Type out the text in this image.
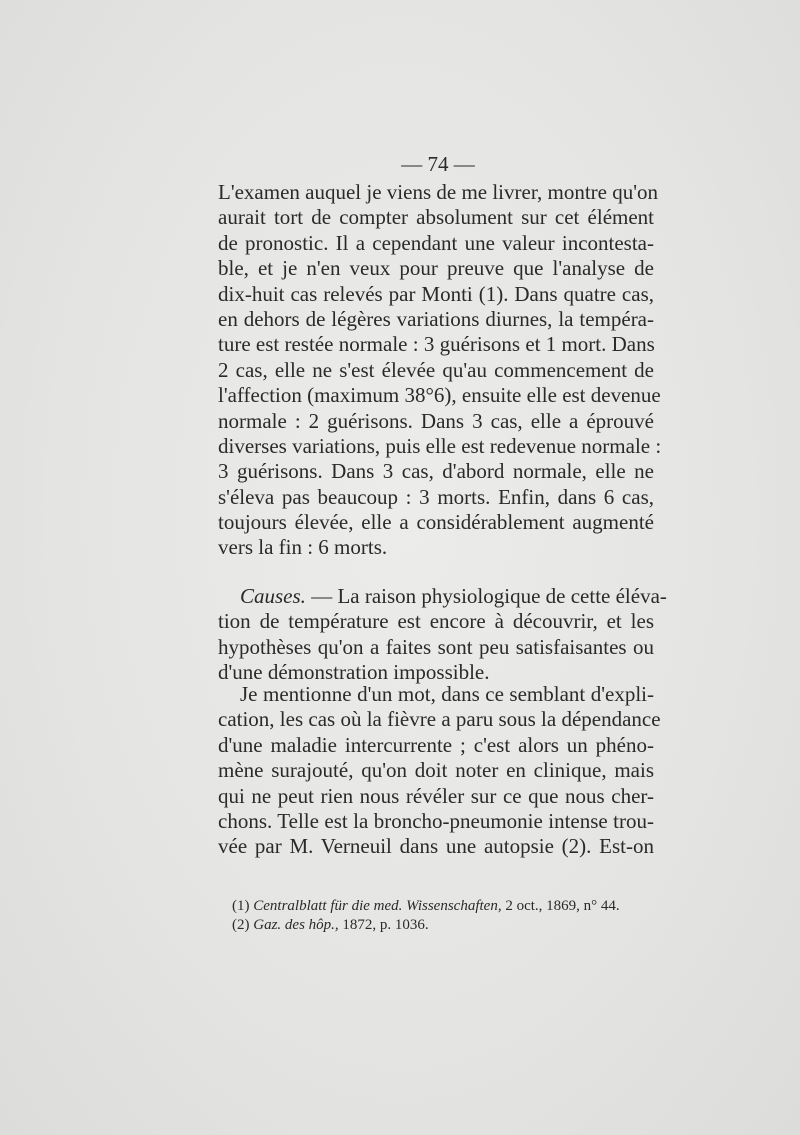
— 74 —
L'examen auquel je viens de me livrer, montre qu'on
aurait tort de compter absolument sur cet élément
de pronostic. Il a cependant une valeur incontesta-
ble, et je n'en veux pour preuve que l'analyse de
dix-huit cas relevés par Monti (1). Dans quatre cas,
en dehors de légères variations diurnes, la tempéra-
ture est restée normale : 3 guérisons et 1 mort. Dans
2 cas, elle ne s'est élevée qu'au commencement de
l'affection (maximum 38°6), ensuite elle est devenue
normale : 2 guérisons. Dans 3 cas, elle a éprouvé
diverses variations, puis elle est redevenue normale :
3 guérisons. Dans 3 cas, d'abord normale, elle ne
s'éleva pas beaucoup : 3 morts. Enfin, dans 6 cas,
toujours élevée, elle a considérablement augmenté
vers la fin : 6 morts.
Causes. — La raison physiologique de cette éléva-
tion de température est encore à découvrir, et les
hypothèses qu'on a faites sont peu satisfaisantes ou
d'une démonstration impossible.
Je mentionne d'un mot, dans ce semblant d'expli-
cation, les cas où la fièvre a paru sous la dépendance
d'une maladie intercurrente ; c'est alors un phéno-
mène surajouté, qu'on doit noter en clinique, mais
qui ne peut rien nous révéler sur ce que nous cher-
chons. Telle est la broncho-pneumonie intense trou-
vée par M. Verneuil dans une autopsie (2). Est-on
(1) Centralblatt für die med. Wissenschaften, 2 oct., 1869, n° 44.
(2) Gaz. des hôp., 1872, p. 1036.
